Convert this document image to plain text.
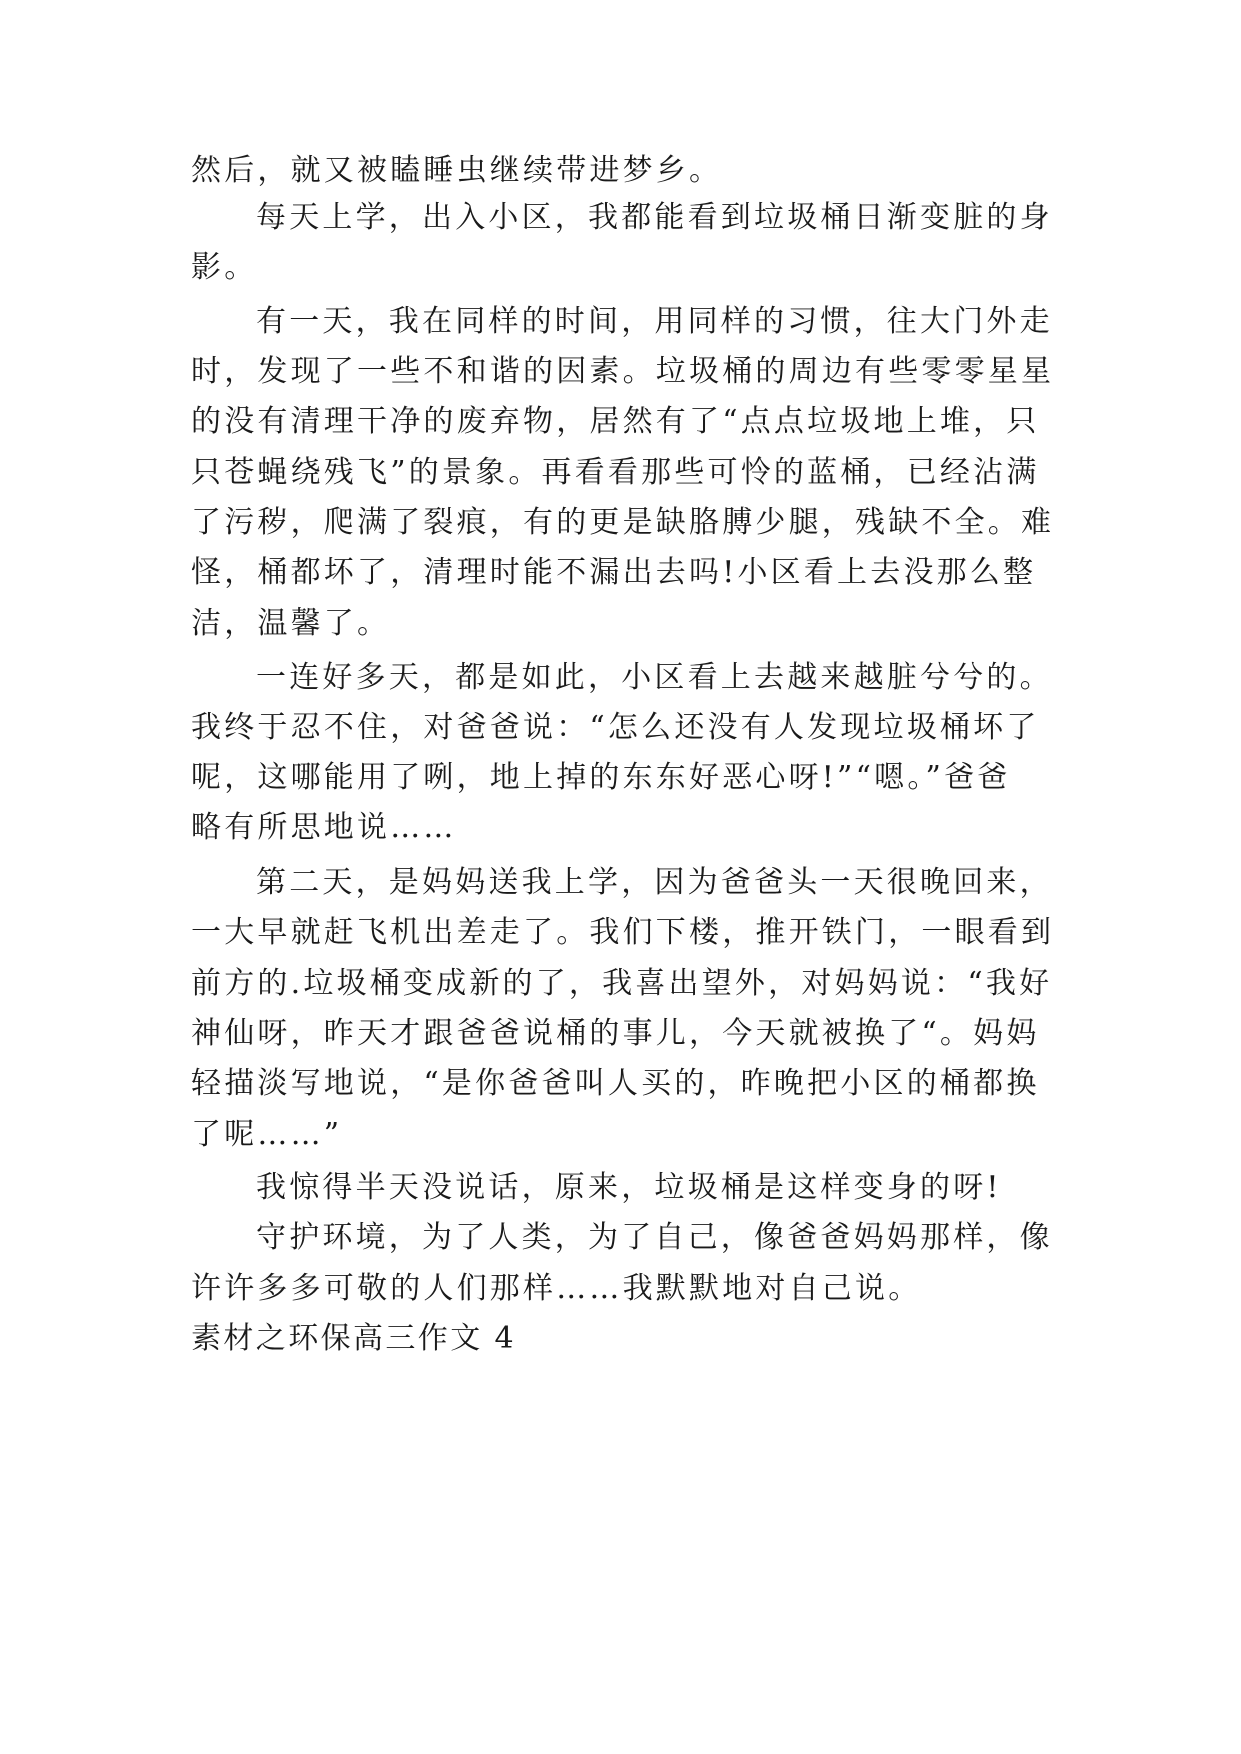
然后，就又被瞌睡虫继续带进梦乡。
每天上学，出入小区，我都能看到垃圾桶日渐变脏的身
影。
有一天，我在同样的时间，用同样的习惯，往大门外走
时，发现了一些不和谐的因素。垃圾桶的周边有些零零星星
的没有清理干净的废弃物，居然有了“点点垃圾地上堆，只
只苍蝇绕残飞”的景象。再看看那些可怜的蓝桶，已经沾满
了污秽，爬满了裂痕，有的更是缺胳膊少腿，残缺不全。难
怪，桶都坏了，清理时能不漏出去吗!小区看上去没那么整
洁，温馨了。
一连好多天，都是如此，小区看上去越来越脏兮兮的。
我终于忍不住，对爸爸说：“怎么还没有人发现垃圾桶坏了
呢，这哪能用了咧，地上掉的东东好恶心呀!”“嗯。”爸爸
略有所思地说……
第二天，是妈妈送我上学，因为爸爸头一天很晚回来，
一大早就赶飞机出差走了。我们下楼，推开铁门，一眼看到
前方的.垃圾桶变成新的了，我喜出望外，对妈妈说：“我好
神仙呀，昨天才跟爸爸说桶的事儿，今天就被换了“。妈妈
轻描淡写地说，“是你爸爸叫人买的，昨晚把小区的桶都换
了呢……”
我惊得半天没说话，原来，垃圾桶是这样变身的呀!
守护环境，为了人类，为了自己，像爸爸妈妈那样，像
许许多多可敬的人们那样……我默默地对自己说。
素材之环保高三作文 4
